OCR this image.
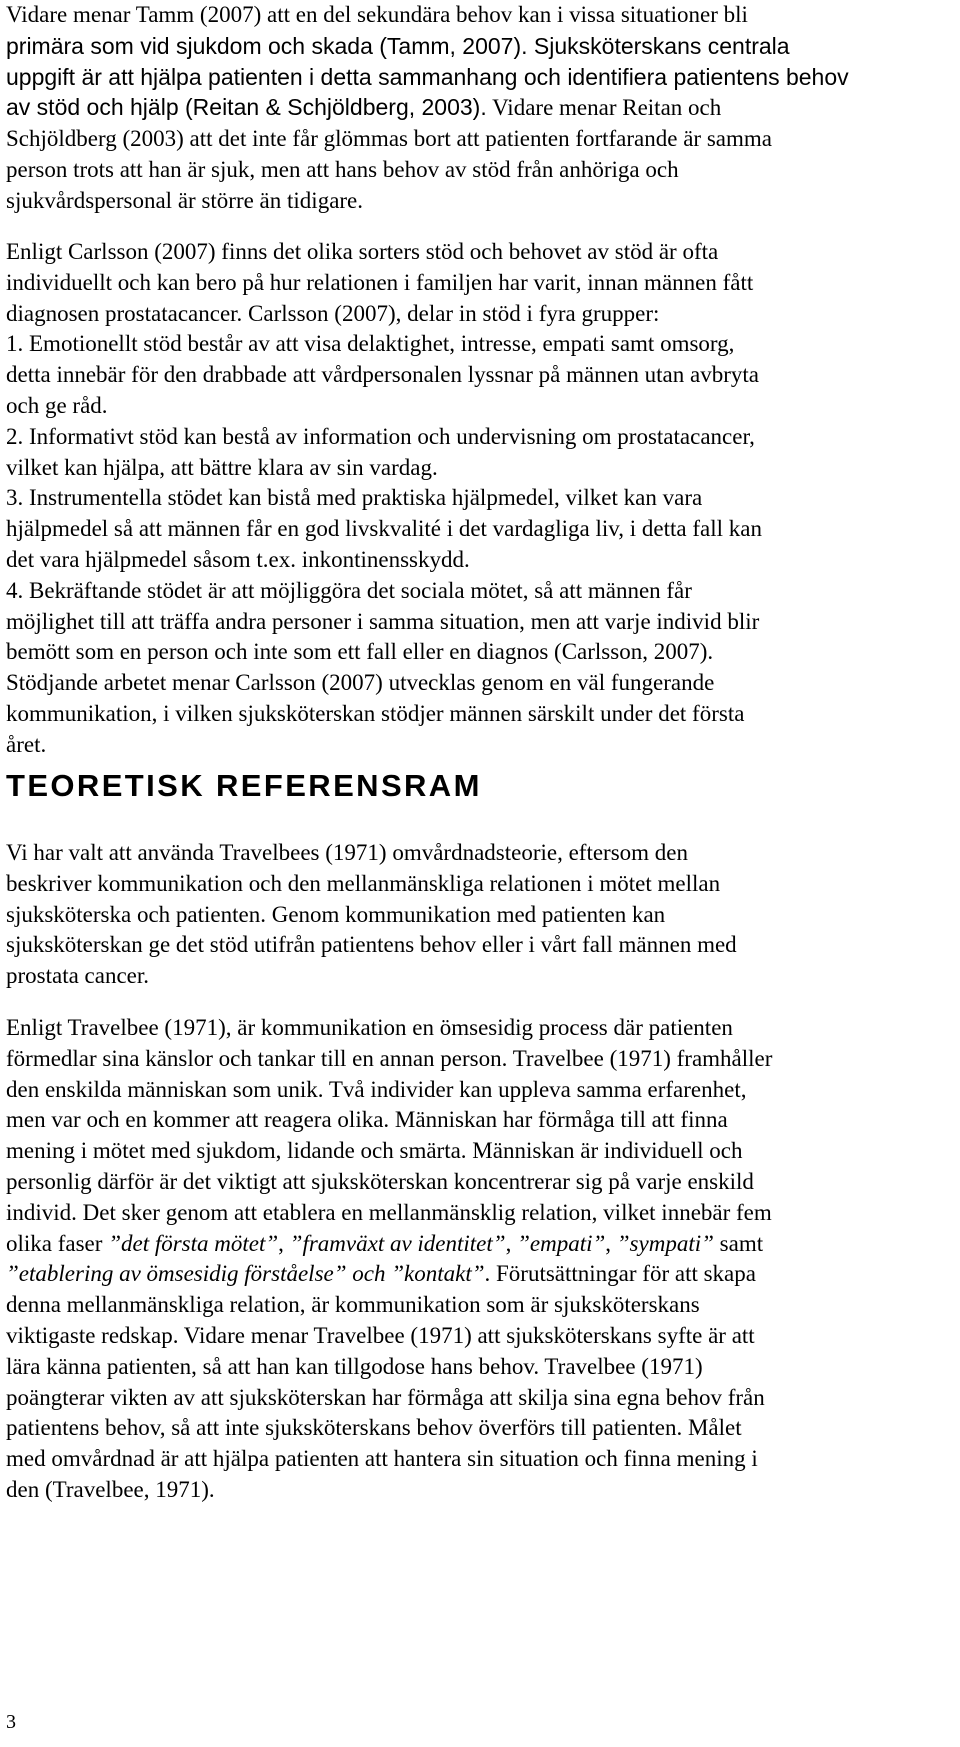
Vidare menar Tamm (2007) att en del sekundära behov kan i vissa situationer bli

primära som vid sjukdom och skada (Tamm, 2007). Sjuksköterskans centrala

uppgift är att hjälpa patienten i detta sammanhang och identifiera patientens behov

av stöd och hjälp (Reitan & Schjöldberg, 2003). Vidare menar Reitan och

Schjöldberg (2003) att det inte får glömmas bort att patienten fortfarande är samma

person trots att han är sjuk, men att hans behov av stöd från anhöriga och

sjukvårdspersonal är större än tidigare.

Enligt Carlsson (2007) finns det olika sorters stöd och behovet av stöd är ofta

individuellt och kan bero på hur relationen i familjen har varit, innan männen fått

diagnosen prostatacancer. Carlsson (2007), delar in stöd i fyra grupper:

1. Emotionellt stöd består av att visa delaktighet, intresse, empati samt omsorg,

detta innebär för den drabbade att vårdpersonalen lyssnar på männen utan avbryta

och ge råd.

2. Informativt stöd kan bestå av information och undervisning om prostatacancer,

vilket kan hjälpa, att bättre klara av sin vardag.

3. Instrumentella stödet kan bistå med praktiska hjälpmedel, vilket kan vara

hjälpmedel så att männen får en god livskvalité i det vardagliga liv, i detta fall kan

det vara hjälpmedel såsom t.ex. inkontinensskydd.

4. Bekräftande stödet är att möjliggöra det sociala mötet, så att männen får

möjlighet till att träffa andra personer i samma situation, men att varje individ blir

bemött som en person och inte som ett fall eller en diagnos (Carlsson, 2007).

Stödjande arbetet menar Carlsson (2007) utvecklas genom en väl fungerande

kommunikation, i vilken sjuksköterskan stödjer männen särskilt under det första

året.

TEORETISK REFERENSRAM

Vi har valt att använda Travelbees (1971) omvårdnadsteorie, eftersom den

beskriver kommunikation och den mellanmänskliga relationen i mötet mellan

sjuksköterska och patienten. Genom kommunikation med patienten kan

sjuksköterskan ge det stöd utifrån patientens behov eller i vårt fall männen med

prostata cancer.

Enligt Travelbee (1971), är kommunikation en ömsesidig process där patienten

förmedlar sina känslor och tankar till en annan person. Travelbee (1971) framhåller

den enskilda människan som unik. Två individer kan uppleva samma erfarenhet,

men var och en kommer att reagera olika. Människan har förmåga till att finna

mening i mötet med sjukdom, lidande och smärta. Människan är individuell och

personlig därför är det viktigt att sjuksköterskan koncentrerar sig på varje enskild

individ. Det sker genom att etablera en mellanmänsklig relation, vilket innebär fem

olika faser ”det första mötet”, ”framväxt av identitet”, ”empati”, ”sympati” samt

”etablering av ömsesidig förståelse” och ”kontakt”. Förutsättningar för att skapa

denna mellanmänskliga relation, är kommunikation som är sjuksköterskans

viktigaste redskap. Vidare menar Travelbee (1971) att sjuksköterskans syfte är att

lära känna patienten, så att han kan tillgodose hans behov. Travelbee (1971)

poängterar vikten av att sjuksköterskan har förmåga att skilja sina egna behov från

patientens behov, så att inte sjuksköterskans behov överförs till patienten. Målet

med omvårdnad är att hjälpa patienten att hantera sin situation och finna mening i

den (Travelbee, 1971).

3
